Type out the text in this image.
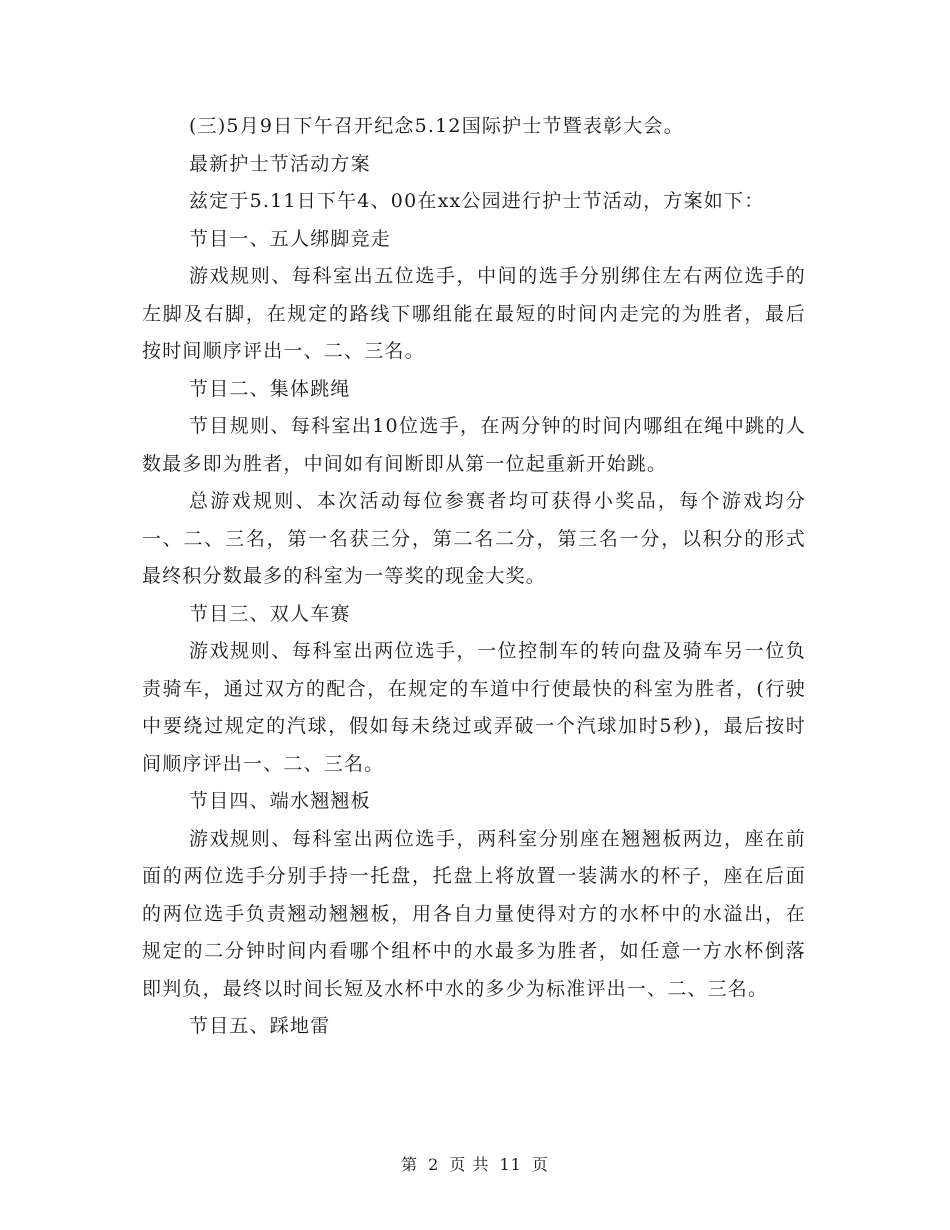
(三)5月9日下午召开纪念5.12国际护士节暨表彰大会。

最新护士节活动方案

兹定于5.11日下午4、00在xx公园进行护士节活动，方案如下：

节目一、五人绑脚竞走

游戏规则、每科室出五位选手，中间的选手分别绑住左右两位选手的左脚及右脚，在规定的路线下哪组能在最短的时间内走完的为胜者，最后按时间顺序评出一、二、三名。

节目二、集体跳绳

节目规则、每科室出10位选手，在两分钟的时间内哪组在绳中跳的人数最多即为胜者，中间如有间断即从第一位起重新开始跳。

总游戏规则、本次活动每位参赛者均可获得小奖品，每个游戏均分一、二、三名，第一名获三分，第二名二分，第三名一分，以积分的形式最终积分数最多的科室为一等奖的现金大奖。

节目三、双人车赛

游戏规则、每科室出两位选手，一位控制车的转向盘及骑车另一位负责骑车，通过双方的配合，在规定的车道中行使最快的科室为胜者，(行驶中要绕过规定的汽球，假如每未绕过或弄破一个汽球加时5秒)，最后按时间顺序评出一、二、三名。

节目四、端水翘翘板

游戏规则、每科室出两位选手，两科室分别座在翘翘板两边，座在前面的两位选手分别手持一托盘，托盘上将放置一装满水的杯子，座在后面的两位选手负责翘动翘翘板，用各自力量使得对方的水杯中的水溢出，在规定的二分钟时间内看哪个组杯中的水最多为胜者，如任意一方水杯倒落即判负，最终以时间长短及水杯中水的多少为标准评出一、二、三名。

节目五、踩地雷

第 2 页 共 11 页
